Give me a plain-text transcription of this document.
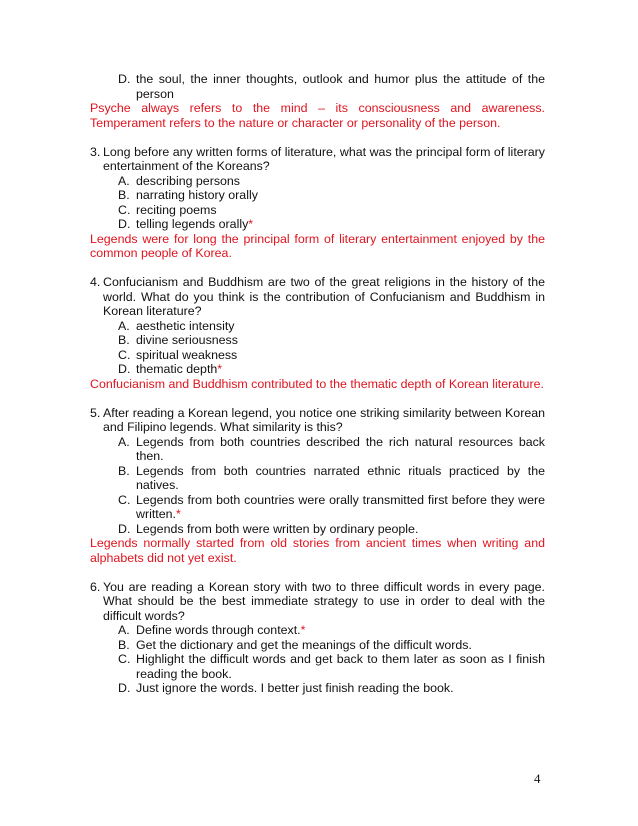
D. the soul, the inner thoughts, outlook and humor plus the attitude of the person
Psyche always refers to the mind – its consciousness and awareness. Temperament refers to the nature or character or personality of the person.
3. Long before any written forms of literature, what was the principal form of literary entertainment of the Koreans?
A. describing persons
B. narrating history orally
C. reciting poems
D. telling legends orally*
Legends were for long the principal form of literary entertainment enjoyed by the common people of Korea.
4. Confucianism and Buddhism are two of the great religions in the history of the world. What do you think is the contribution of Confucianism and Buddhism in Korean literature?
A. aesthetic intensity
B. divine seriousness
C. spiritual weakness
D. thematic depth*
Confucianism and Buddhism contributed to the thematic depth of Korean literature.
5. After reading a Korean legend, you notice one striking similarity between Korean and Filipino legends. What similarity is this?
A. Legends from both countries described the rich natural resources back then.
B. Legends from both countries narrated ethnic rituals practiced by the natives.
C. Legends from both countries were orally transmitted first before they were written.*
D. Legends from both were written by ordinary people.
Legends normally started from old stories from ancient times when writing and alphabets did not yet exist.
6. You are reading a Korean story with two to three difficult words in every page. What should be the best immediate strategy to use in order to deal with the difficult words?
A. Define words through context.*
B. Get the dictionary and get the meanings of the difficult words.
C. Highlight the difficult words and get back to them later as soon as I finish reading the book.
D. Just ignore the words. I better just finish reading the book.
4
